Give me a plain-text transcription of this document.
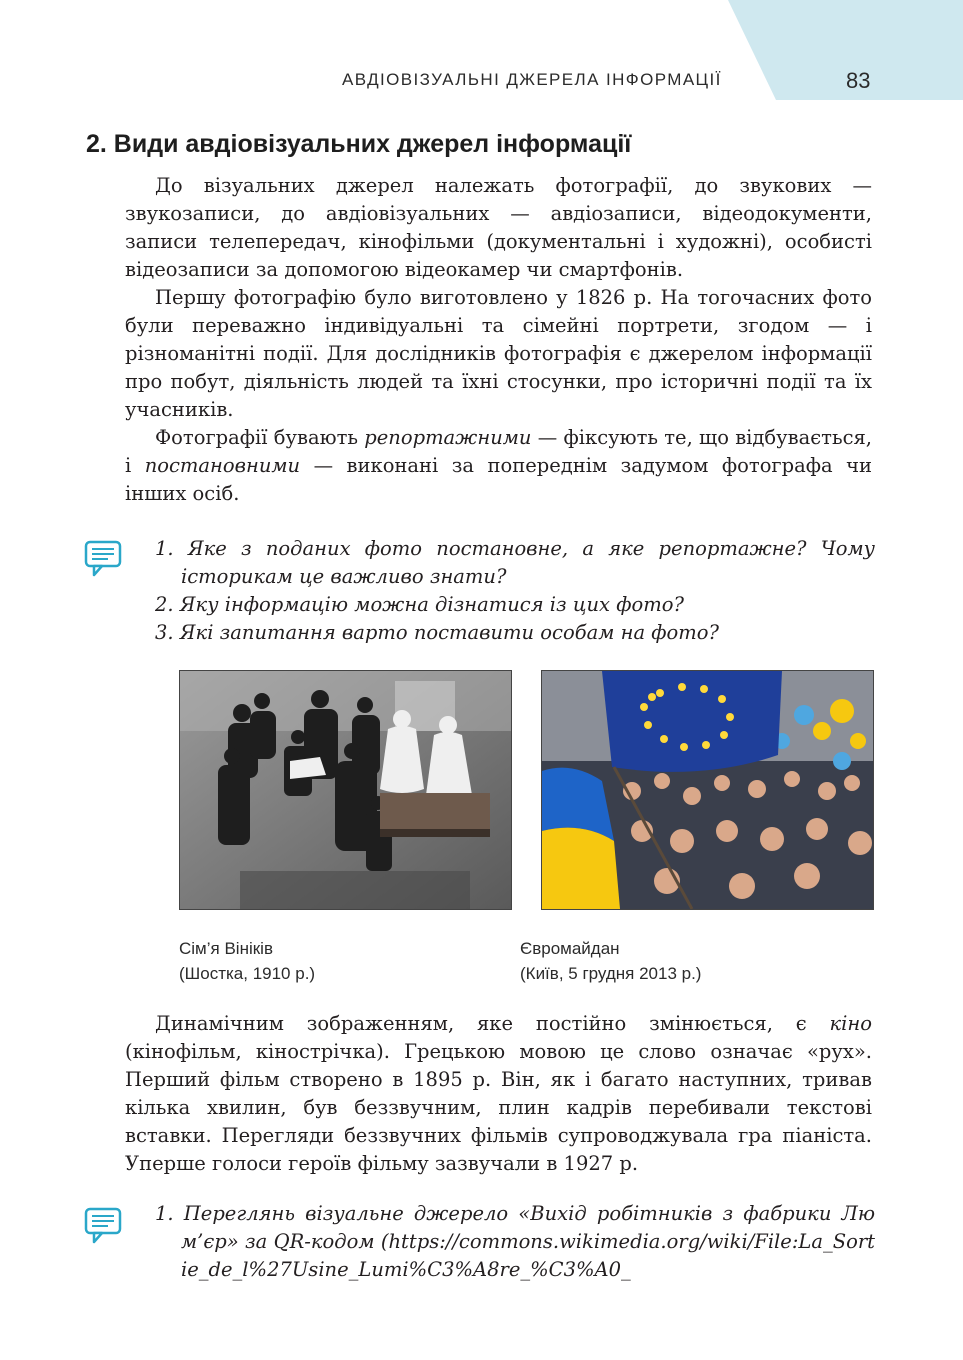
АВДІОВІЗУАЛЬНІ ДЖЕРЕЛА ІНФОРМАЦІЇ	83
2. Види авдіовізуальних джерел інформації
До візуальних джерел належать фотографії, до звукових — звукозаписи, до авдіовізуальних — авдіозаписи, відеодокументи, записи телепередач, кінофільми (документальні і художні), особисті відеозаписи за допомогою відеокамер чи смартфонів.
Першу фотографію було виготовлено у 1826 р. На тогочасних фото були переважно індивідуальні та сімейні портрети, згодом — і різноманітні події. Для дослідників фотографія є джерелом інформації про побут, діяльність людей та їхні стосунки, про історичні події та їх учасників.
Фотографії бувають репортажними — фіксують те, що відбувається, і постановними — виконані за попереднім задумом фотографа чи інших осіб.
1. Яке з поданих фото постановне, а яке репортажне? Чому історикам це важливо знати?
2. Яку інформацію можна дізнатися із цих фото?
3. Які запитання варто поставити особам на фото?
Сім’я Вініків
(Шостка, 1910 р.)
Євромайдан
(Київ, 5 грудня 2013 р.)
Динамічним зображенням, яке постійно змінюється, є кіно (кінофільм, кінострічка). Грецькою мовою це слово означає «рух». Перший фільм створено в 1895 р. Він, як і багато наступних, тривав кілька хвилин, був беззвучним, плин кадрів перебивали текстові вставки. Перегляди беззвучних фільмів супроводжувала гра піаніста. Уперше голоси героїв фільму зазвучали в 1927 р.
1. Переглянь візуальне джерело «Вихід робітників з фабрики Люм’єр» за QR-кодом (https://commons.wikimedia.org/wiki/File:La_Sortie_de_l%27Usine_Lumi%C3%A8re_%C3%A0_
